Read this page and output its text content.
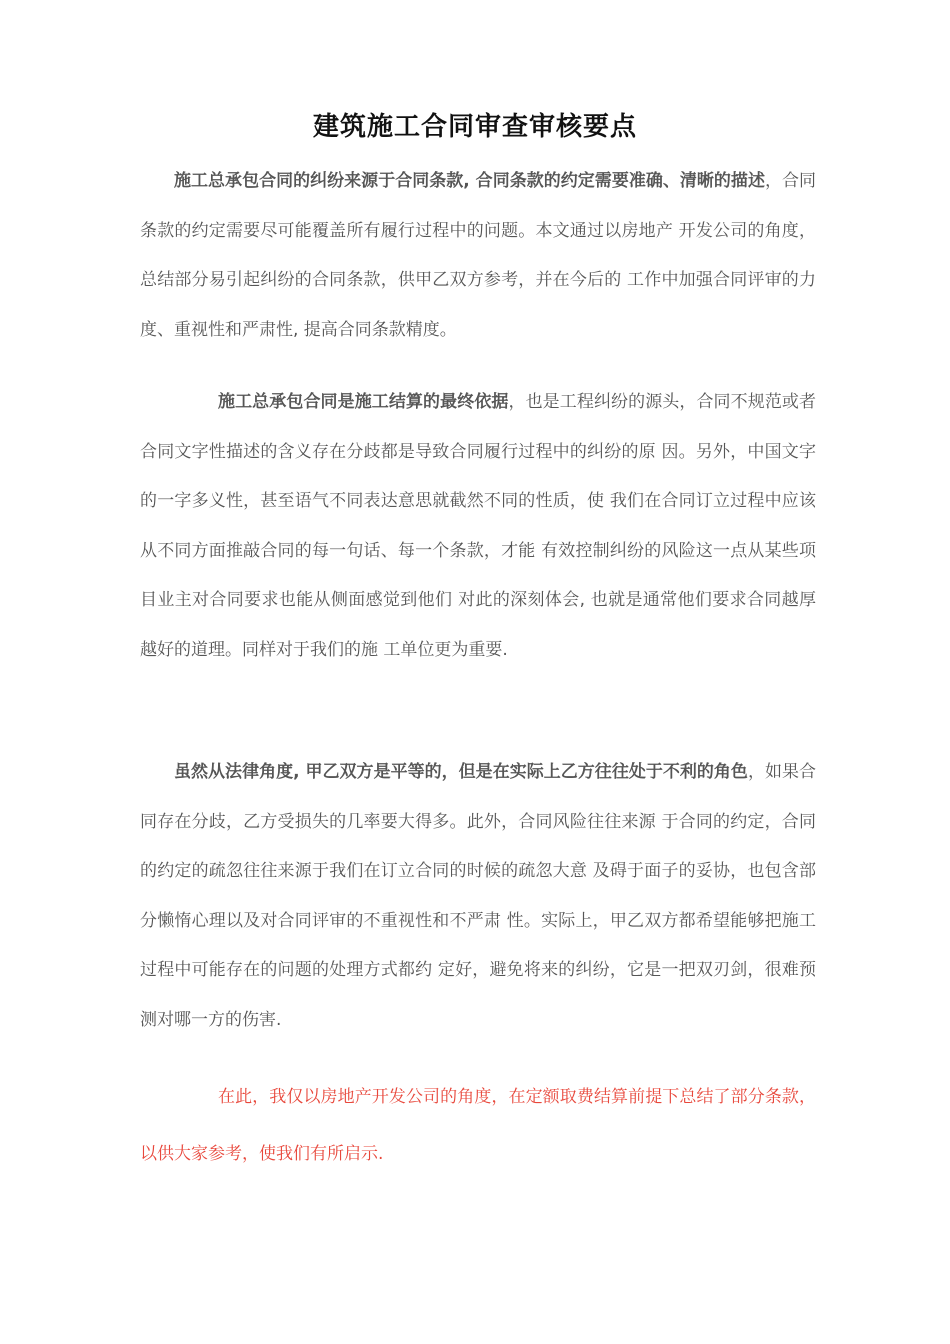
建筑施工合同审查审核要点

施工总承包合同的纠纷来源于合同条款, 合同条款的约定需要准确、清晰的描述，合同条款的约定需要尽可能覆盖所有履行过程中的问题。本文通过以房地产 开发公司的角度，总结部分易引起纠纷的合同条款，供甲乙双方参考，并在今后的 工作中加强合同评审的力度、重视性和严肃性, 提高合同条款精度。

施工总承包合同是施工结算的最终依据，也是工程纠纷的源头，合同不规范或者合同文字性描述的含义存在分歧都是导致合同履行过程中的纠纷的原 因。另外，中国文字的一字多义性，甚至语气不同表达意思就截然不同的性质，使 我们在合同订立过程中应该从不同方面推敲合同的每一句话、每一个条款，才能 有效控制纠纷的风险这一点从某些项目业主对合同要求也能从侧面感觉到他们 对此的深刻体会, 也就是通常他们要求合同越厚越好的道理。同样对于我们的施 工单位更为重要.

虽然从法律角度, 甲乙双方是平等的，但是在实际上乙方往往处于不利的角色，如果合同存在分歧，乙方受损失的几率要大得多。此外，合同风险往往来源 于合同的约定，合同的约定的疏忽往往来源于我们在订立合同的时候的疏忽大意 及碍于面子的妥协，也包含部分懒惰心理以及对合同评审的不重视性和不严肃 性。实际上，甲乙双方都希望能够把施工过程中可能存在的问题的处理方式都约 定好，避免将来的纠纷，它是一把双刃剑，很难预测对哪一方的伤害.

在此，我仅以房地产开发公司的角度，在定额取费结算前提下总结了部分条款，以供大家参考，使我们有所启示.
